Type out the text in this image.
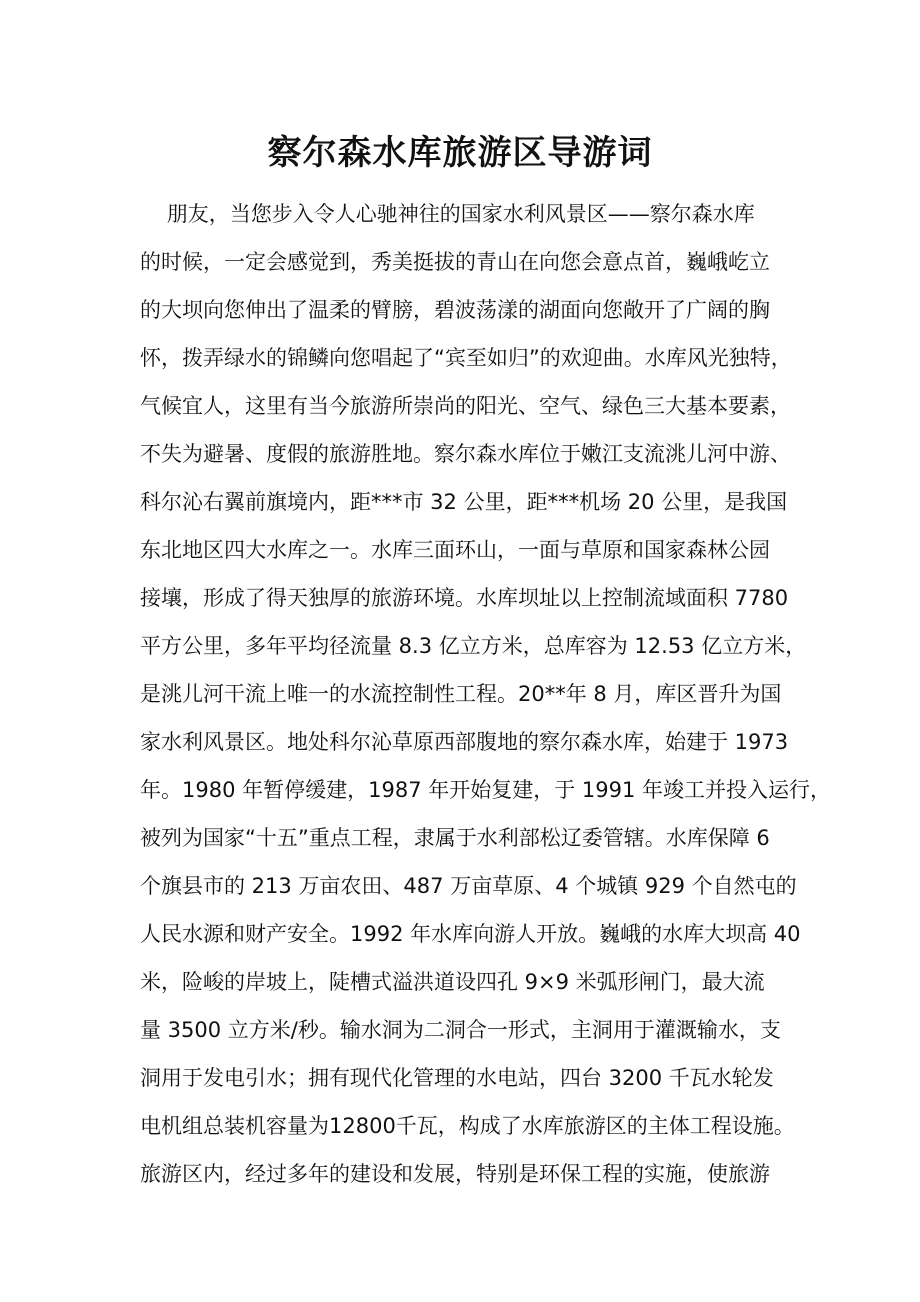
察尔森水库旅游区导游词
朋友，当您步入令人心驰神往的国家水利风景区——察尔森水库
的时候，一定会感觉到，秀美挺拔的青山在向您会意点首，巍峨屹立
的大坝向您伸出了温柔的臂膀，碧波荡漾的湖面向您敞开了广阔的胸
怀，拨弄绿水的锦鳞向您唱起了“宾至如归”的欢迎曲。水库风光独特，
气候宜人，这里有当今旅游所崇尚的阳光、空气、绿色三大基本要素，
不失为避暑、度假的旅游胜地。察尔森水库位于嫩江支流洮儿河中游、
科尔沁右翼前旗境内，距***市 32 公里，距***机场 20 公里，是我国
东北地区四大水库之一。水库三面环山，一面与草原和国家森林公园
接壤，形成了得天独厚的旅游环境。水库坝址以上控制流域面积 7780
平方公里，多年平均径流量 8.3 亿立方米，总库容为 12.53 亿立方米，
是洮儿河干流上唯一的水流控制性工程。20**年 8 月，库区晋升为国
家水利风景区。地处科尔沁草原西部腹地的察尔森水库，始建于 1973
年。1980 年暂停缓建，1987 年开始复建，于 1991 年竣工并投入运行，
被列为国家“十五”重点工程，隶属于水利部松辽委管辖。水库保障 6
个旗县市的 213 万亩农田、487 万亩草原、4 个城镇 929 个自然屯的
人民水源和财产安全。1992 年水库向游人开放。巍峨的水库大坝高 40
米，险峻的岸坡上，陡槽式溢洪道设四孔 9×9 米弧形闸门，最大流
量 3500 立方米/秒。输水洞为二洞合一形式，主洞用于灌溉输水，支
洞用于发电引水；拥有现代化管理的水电站，四台 3200 千瓦水轮发
电机组总装机容量为12800千瓦，构成了水库旅游区的主体工程设施。
旅游区内，经过多年的建设和发展，特别是环保工程的实施，使旅游
